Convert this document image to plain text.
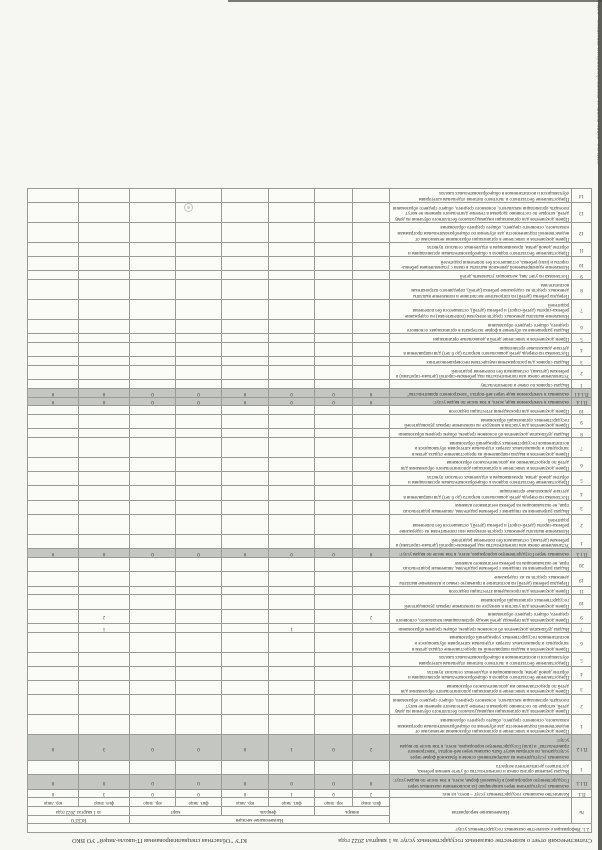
Статистический отчет о количестве оказанных государственных услуг за 1 квартал 2022 года
КГУ "Областная специализированная IT-школа-лицей" УО ВКО
2.1. Информация о количестве оказанных государственных услуг									
№	Наименование мероприятия	Наименование месяцев						ВСЕГО	
		январь		февраль		март		за 1 квартал 2022 года	
		физ. лицо	юр. лицо	физ. лицо	юр. лицо	физ. лицо	юр. лицо	физ. лицо	юр. лицо
П.1.	Количество оказанных государственных услуг – всего, из них:	2	0	1	0	0	0	3	0
П.1.1.	оказанных услугодателем через канцелярию (за исключением оказанных через Государственную корпорацию) в бумажной форме, всего, в том числе по видам услуг:	0	0	0	0	0	0	0	0
1	Выдача решения органа опеки и попечительства об учете мнения ребенка, достигшего десятилетнего возраста								
П.1.2.	оказанных услугодателем на альтернативной основе в бумажной форме через услугодателя, по которым могут быть оказаны через веб-портал "электронного правительства" и (или) Государственную корпорацию, всего, в том числе по видам услуг:	2	0	1	0	0	0	3	0
1	Прием документов и зачисление в организации образования независимо от ведомственной подчиненности для обучения по общеобразовательным программам начального, основного среднего, общего среднего образования								
2	Прием документов для организации индивидуального бесплатного обучения на дому детей, которые по состоянию здоровья в течение длительного времени не могут посещать организации начального, основного среднего, общего среднего образования								
3	Прием документов и зачисление в организации дополнительного образования для детей по предоставлению им дополнительного образования								
4	Предоставление бесплатного подвоза к общеобразовательным организациям и обратно домой детям, проживающим в отдаленных сельских пунктах								
5	Предоставление бесплатного и льготного питания отдельным категориям обучающихся и воспитанников в общеобразовательных школах								
6	Прием документов и выдача направлений на предоставление отдыха детям в загородных и пришкольных лагерях отдельным категориям обучающихся и воспитанников государственных учреждений образования								
7	Выдача дубликатов документов об основном среднем, общем среднем образовании			1				1	
9	Прием документов для перевода детей между организациями начального, основного среднего, общего среднего образования	2						2	
10	Прием документов для участия в конкурсе на назначение первых руководителей государственных организаций образования								
11	Прием документов для прохождения аттестации педагогов								
19	Передача ребенка (детей) на воспитание в приемную семью и назначение выплаты денежных средств на их содержание								
20	Выдача разрешения на свидания с ребенком родителям, лишенным родительских прав, не оказывающим на ребенка негативного влияния								
П.1.3.	оказанных через Государственную корпорацию, всего, в том числе по видам услуг:	0	0	0	0	0	0	0	0
1	Установление опеки или попечительства над ребенком-сиротой (детьми-сиротами) и ребенком (детьми), оставшимся без попечения родителей								
2	Назначение выплаты денежных средств опекунам или попечителям на содержание ребенка-сироты (детей-сирот) и ребенка (детей), оставшегося без попечения родителей								
3	Выдача разрешения на свидания с ребенком родителям, лишенным родительских прав, не оказывающим на ребенка негативного влияния								
4	Постановка на очередь детей дошкольного возраста (до 6 лет) для направления в детские дошкольные организации								
5	Предоставление бесплатного подвоза к общеобразовательным организациям и обратно домой детям, проживающим в отдаленных сельских пунктах								
6	Прием документов и зачисление в организации дополнительного образования для детей по предоставлению им дополнительного образования								
7	Прием документов и выдача направлений на предоставление отдыха детям в загородных и пришкольных лагерях отдельным категориям обучающихся и воспитанников государственных учреждений образования								
8	Выдача дубликатов документов об основном среднем, общем среднем образовании								
9	Прием документов для участия в конкурсе на назначение первых руководителей государственных организаций образования								
10	Прием документов для прохождения аттестации педагогов								
П.1.4.	оказанных в электронном виде, всего, в том числе по видам услуг:	0	0	0	0	0	0	0	0
П.1.4.1	оказанных в электронном виде через веб-портал "электронного правительства"	0	0	0	0	0	0	0	0
1	Выдача справок по опеке и попечительству								
2	Установление опеки или попечительства над ребенком-сиротой (детьми-сиротами) и ребенком (детьми), оставшимся без попечения родителей								
3	Выдача справок для распоряжения имуществом несовершеннолетних								
4	Постановка на очередь детей дошкольного возраста (до 6 лет) для направления в детские дошкольные организации								
5	Прием документов и зачисление детей в дошкольные организации								
6	Выдача разрешения на обучение в форме экстерната в организациях основного среднего, общего среднего образования								
7	Назначение выплаты денежных средств опекунам (попечителям) на содержание ребенка-сироты (детей-сирот) и ребенка (детей), оставшегося без попечения родителей								
8	Передача ребенка (детей) на патронатное воспитание и назначение выплаты денежных средств на содержание ребенка (детей), переданного патронатным воспитателям								
9	Постановка на учет лиц, желающих усыновить детей								
10	Назначение единовременной денежной выплаты в связи с усыновлением ребенка-сироты и (или) ребенка, оставшегося без попечения родителей								
11	Предоставление бесплатного подвоза к общеобразовательным организациям и обратно домой детям, проживающим в отдаленных сельских пунктах								
12	Прием документов и зачисление в организации образования независимо от ведомственной подчиненности для обучения по общеобразовательным программам начального, основного среднего, общего среднего образования								
13	Прием документов для организации индивидуального бесплатного обучения на дому детей, которые по состоянию здоровья в течение длительного времени не могут посещать организации начального, основного среднего, общего среднего образования								
14	Предоставление бесплатного и льготного питания отдельным категориям обучающихся и воспитанников в общеобразовательных школах								
